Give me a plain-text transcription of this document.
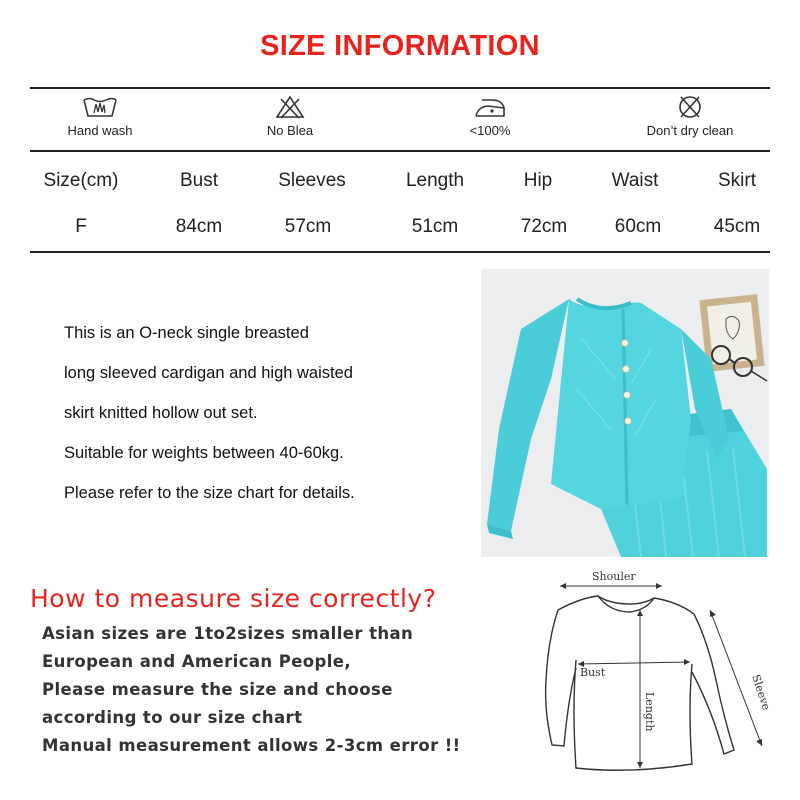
SIZE INFORMATION
Hand wash	No Blea	<100%	Don’t dry clean
Size(cm)	Bust	Sleeves	Length	Hip	Waist	Skirt
F	84cm	57cm	51cm	72cm	60cm	45cm
This is an O-neck single breasted
long sleeved cardigan and high waisted
skirt knitted hollow out set.
Suitable for weights between 40-60kg.
Please refer to the size chart for details.
How to measure size correctly?
Asian sizes are 1to2sizes smaller than
European and American People,
Please measure the size and choose
according to our size chart
Manual measurement allows 2-3cm error !!
Shouler
Bust
Length	Sleeve
